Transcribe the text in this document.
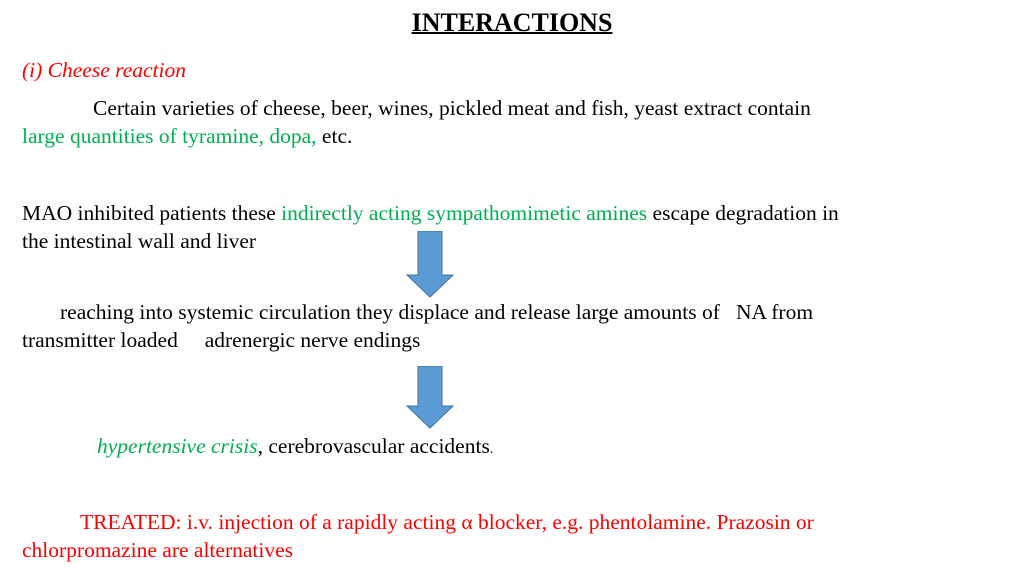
INTERACTIONS
(i) Cheese reaction
Certain varieties of cheese, beer, wines, pickled meat and fish, yeast extract contain
large quantities of tyramine, dopa, etc.
MAO inhibited patients these indirectly acting sympathomimetic amines escape degradation in
the intestinal wall and liver
reaching into systemic circulation they displace and release large amounts of   NA from
transmitter loaded     adrenergic nerve endings
hypertensive crisis, cerebrovascular accidents.
TREATED: i.v. injection of a rapidly acting α blocker, e.g. phentolamine. Prazosin or
chlorpromazine are alternatives
